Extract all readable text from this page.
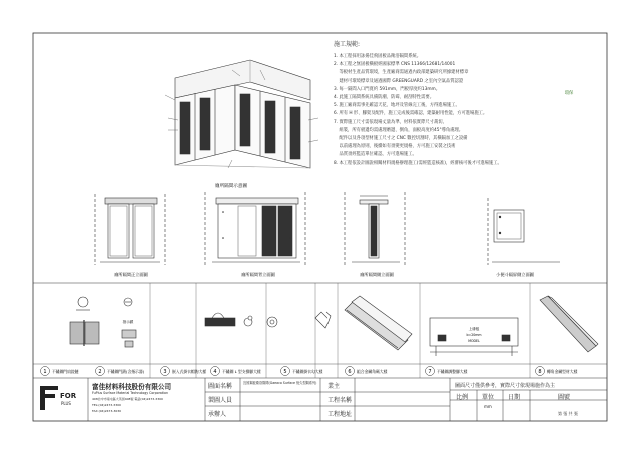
廁所隔間示意圖
廁所隔間正立面圖	廁所隔間背立面圖	廁所隔間側立面圖	小便斗隔屏側立面圖
指示鎖
上緣板
b=20mm
MODEL
1 不鏽鋼門扇鉸鏈	2 不鏽鋼門鎖(含指示器)	3 嵌入式掛衣帽鉤大樣 4 不鏽鋼 L 型支撐腳大樣	5 不鏽鋼掛衣勾大樣	6 組合金屬角碼大樣	7 不鏽鋼調整腳大樣	8 轉角金屬型材大樣
FOR
PLUS
施工規範:
1. 本工程採用詠揚佳飛固板品衛浴隔間系統。
2. 本工程之無固板橫板經國家標準 CNS 11366/12681/14001
等板材生產品質環境，生產廠商需通過內政部建築研究所綠建材標章
建材可環境標章及通過國際 GREENGUARD 之室內空氣品質認證
3. 每一隔間入口門寬約 591mm，門板厚度約13mm。
4. 此施工隔間系統具備防潮、防霉、耐刮特性需要。
5. 施工廠商需事先確認天花、地坪及管線完工後，方得進場施工。
6. 所有 H 形、腳架及配件，施工完成後需確認，建築耐用性能，方可進場施工。
7. 實際施工尺寸需依現場丈量為準，材料依實際尺寸裁切。
組裝，所有板邊均需處理磨邊、倒角，面板高度約45°導角處理。
配件以及各項型材施工尺寸之 CNC 數控切割時，其橫隔加工之設備
以前處理為原則，後續如有須變更規格，方可施工安裝之技術
品質須經監造單位確認，方可進場施工。
8. 本工程依設計圖說相關材料規格辦理施工(需經監造核准)，經審核可後才可進場施工。

環保

富佳材料科技股份有限公司
FuPlus Surface Material Technology Corporation
408台中市南屯區大英街408號 電話(04)2473-3300
TEL:(04)2473-3300
FAX:(04)2473-3030
圖面名稱	宜固鋼板衛浴隔間(Gaeaco Surface 恆久型鋼系列)
製圖人員
承辦人
業主
工程名稱
工程地址
圖面尺寸僅供參考，實際尺寸依現場施作為主
比例 單位 日期	圖號
mm
第 張 共 張
